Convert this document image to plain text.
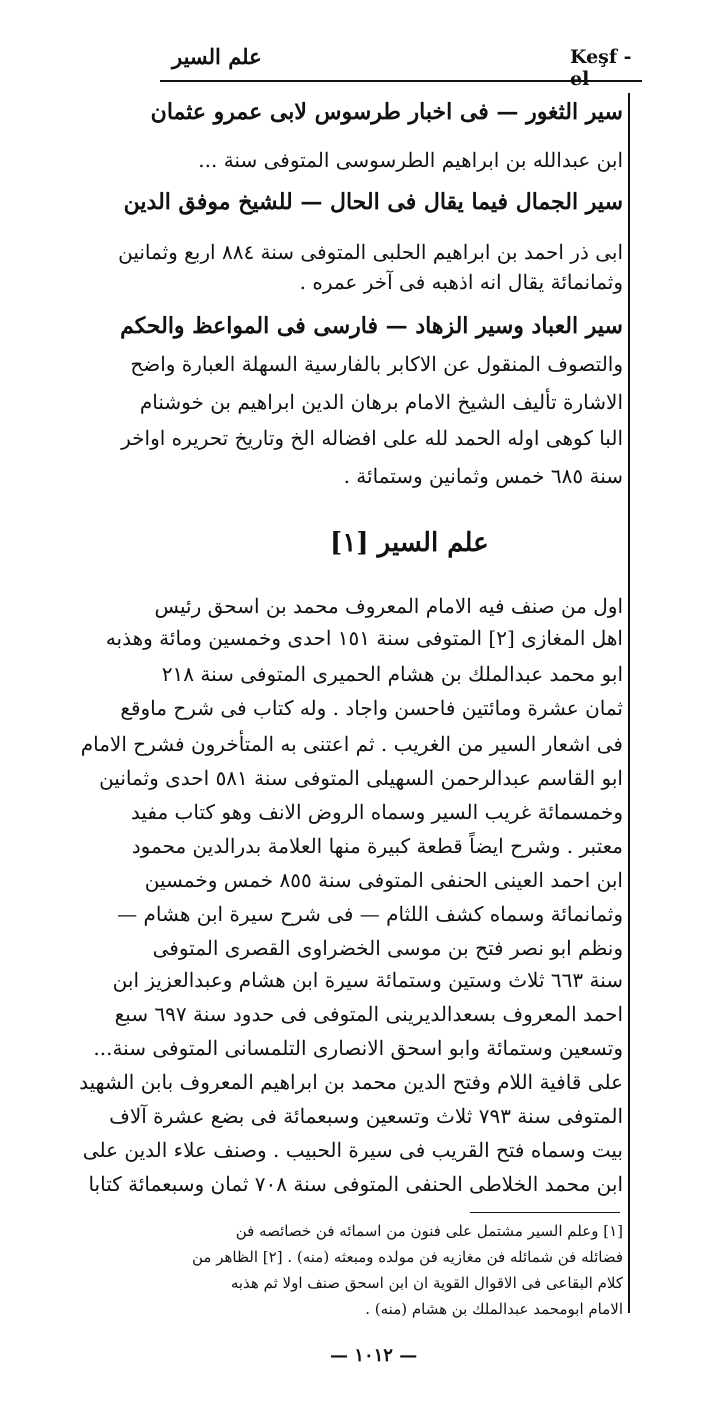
علم السير	Keşf - el
سير الثغور — فى اخبار طرسوس لابى عمرو عثمان
ابن عبدالله بن ابراهيم الطرسوسى المتوفى سنة ...
سير الجمال فيما يقال فى الحال — للشيخ موفق الدين
ابى ذر احمد بن ابراهيم الحلبى المتوفى سنة ٨٨٤ اربع وثمانين
وثمانمائة يقال انه اذهبه فى آخر عمره .
سير العباد وسير الزهاد — فارسى فى المواعظ والحكم
والتصوف المنقول عن الاكابر بالفارسية السهلة العبارة واضح
الاشارة تأليف الشيخ الامام برهان الدين ابراهيم بن خوشنام
البا كوهى اوله الحمد لله على افضاله الخ وتاريخ تحريره اواخر
سنة ٦٨٥ خمس وثمانين وستمائة .
علم السير [١]
اول من صنف فيه الامام المعروف محمد بن اسحق رئيس
اهل المغازى [٢] المتوفى سنة ١٥١ احدى وخمسين ومائة وهذبه
ابو محمد عبدالملك بن هشام الحميرى المتوفى سنة ٢١٨
ثمان عشرة ومائتين فاحسن واجاد . وله كتاب فى شرح ماوقع
فى اشعار السير من الغريب . ثم اعتنى به المتأخرون فشرح الامام
ابو القاسم عبدالرحمن السهيلى المتوفى سنة ٥٨١ احدى وثمانين
وخمسمائة غريب السير وسماه الروض الانف وهو كتاب مفيد
معتبر . وشرح ايضاً قطعة كبيرة منها العلامة بدرالدين محمود
ابن احمد العينى الحنفى المتوفى سنة ٨٥٥ خمس وخمسين
وثمانمائة وسماه كشف اللثام — فى شرح سيرة ابن هشام —
ونظم ابو نصر فتح بن موسى الخضراوى القصرى المتوفى
سنة ٦٦٣ ثلاث وستين وستمائة سيرة ابن هشام وعبدالعزيز ابن
احمد المعروف بسعدالديرينى المتوفى فى حدود سنة ٦٩٧ سبع
وتسعين وستمائة وابو اسحق الانصارى التلمسانى المتوفى سنة...
على قافية اللام وفتح الدين محمد بن ابراهيم المعروف بابن الشهيد
المتوفى سنة ٧٩٣ ثلاث وتسعين وسبعمائة فى بضع عشرة آلاف
بيت وسماه فتح القريب فى سيرة الحبيب . وصنف علاء الدين على
ابن محمد الخلاطى الحنفى المتوفى سنة ٧٠٨ ثمان وسبعمائة كتابا
[١] وعلم السير مشتمل على فنون من اسمائه فن خصائصه فن
فضائله فن شمائله فن مغازيه فن مولده ومبعثه (منه) . [٢] الظاهر من
كلام البقاعى فى الاقوال القوية ان ابن اسحق صنف اولا ثم هذبه
الامام ابومحمد عبدالملك بن هشام (منه) .
— ١٠١٢ —
